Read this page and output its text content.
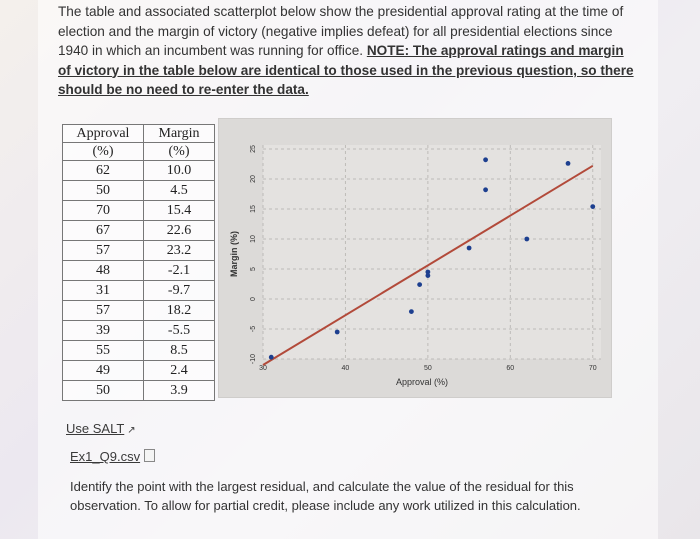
The table and associated scatterplot below show the presidential approval rating at the time of election and the margin of victory (negative implies defeat) for all presidential elections since 1940 in which an incumbent was running for office. NOTE: The approval ratings and margin of victory in the table below are identical to those used in the previous question, so there should be no need to re-enter the data.
Approval	Margin
(%)	(%)
62	10.0
50	4.5
70	15.4
67	22.6
57	23.2
48	-2.1
31	-9.7
57	18.2
39	-5.5
55	8.5
49	2.4
50	3.9
25
20
15
10
5
0
-5
-10
30	40	50	60	70
Approval (%)
Margin (%)
Use SALT ↗
Ex1_Q9.csv
Identify the point with the largest residual, and calculate the value of the residual for this observation. To allow for partial credit, please include any work utilized in this calculation.
